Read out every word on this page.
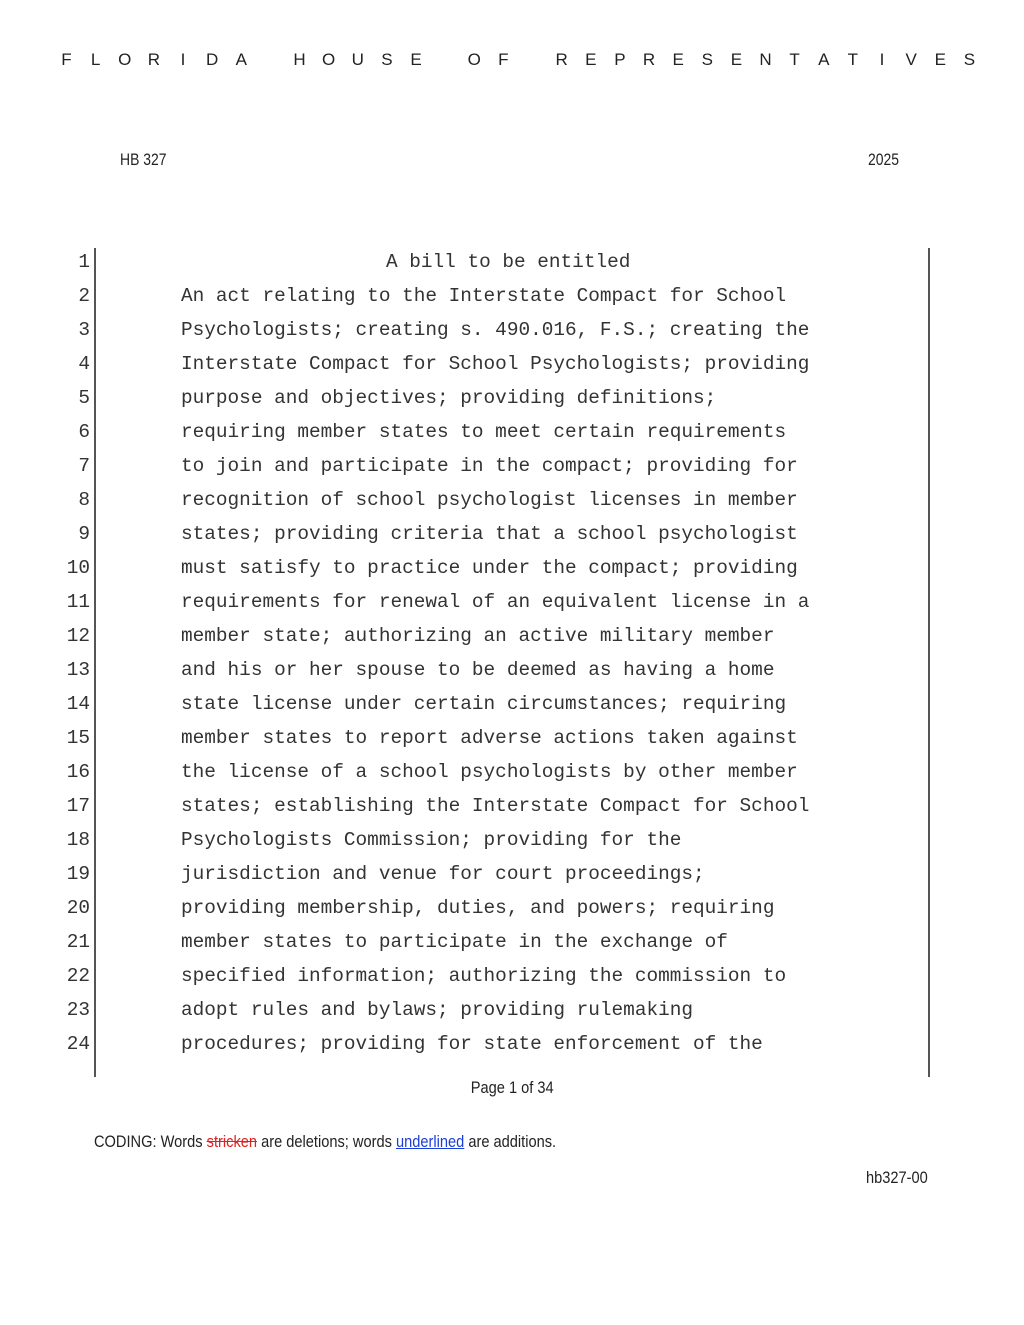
F L O R	I	D A
	H O U S E
	O F
	R E P R E S E N T A T	I	V E S
HB 327	2025
1	A bill to be entitled
2	An act relating to the Interstate Compact for School
3	Psychologists; creating s. 490.016, F.S.; creating the
4	Interstate Compact for School Psychologists; providing
5	purpose and objectives; providing definitions;
6	requiring member states to meet certain requirements
7	to join and participate in the compact; providing for
8	recognition of school psychologist licenses in member
9	states; providing criteria that a school psychologist
10	must satisfy to practice under the compact; providing
11	requirements for renewal of an equivalent license in a
12	member state; authorizing an active military member
13	and his or her spouse to be deemed as having a home
14	state license under certain circumstances; requiring
15	member states to report adverse actions taken against
16	the license of a school psychologists by other member
17	states; establishing the Interstate Compact for School
18	Psychologists Commission; providing for the
19	jurisdiction and venue for court proceedings;
20	providing membership, duties, and powers; requiring
21	member states to participate in the exchange of
22	specified information; authorizing the commission to
23	adopt rules and bylaws; providing rulemaking
24	procedures; providing for state enforcement of the
Page 1 of 34
CODING: Words stricken are deletions; words underlined are additions.
hb327-00
